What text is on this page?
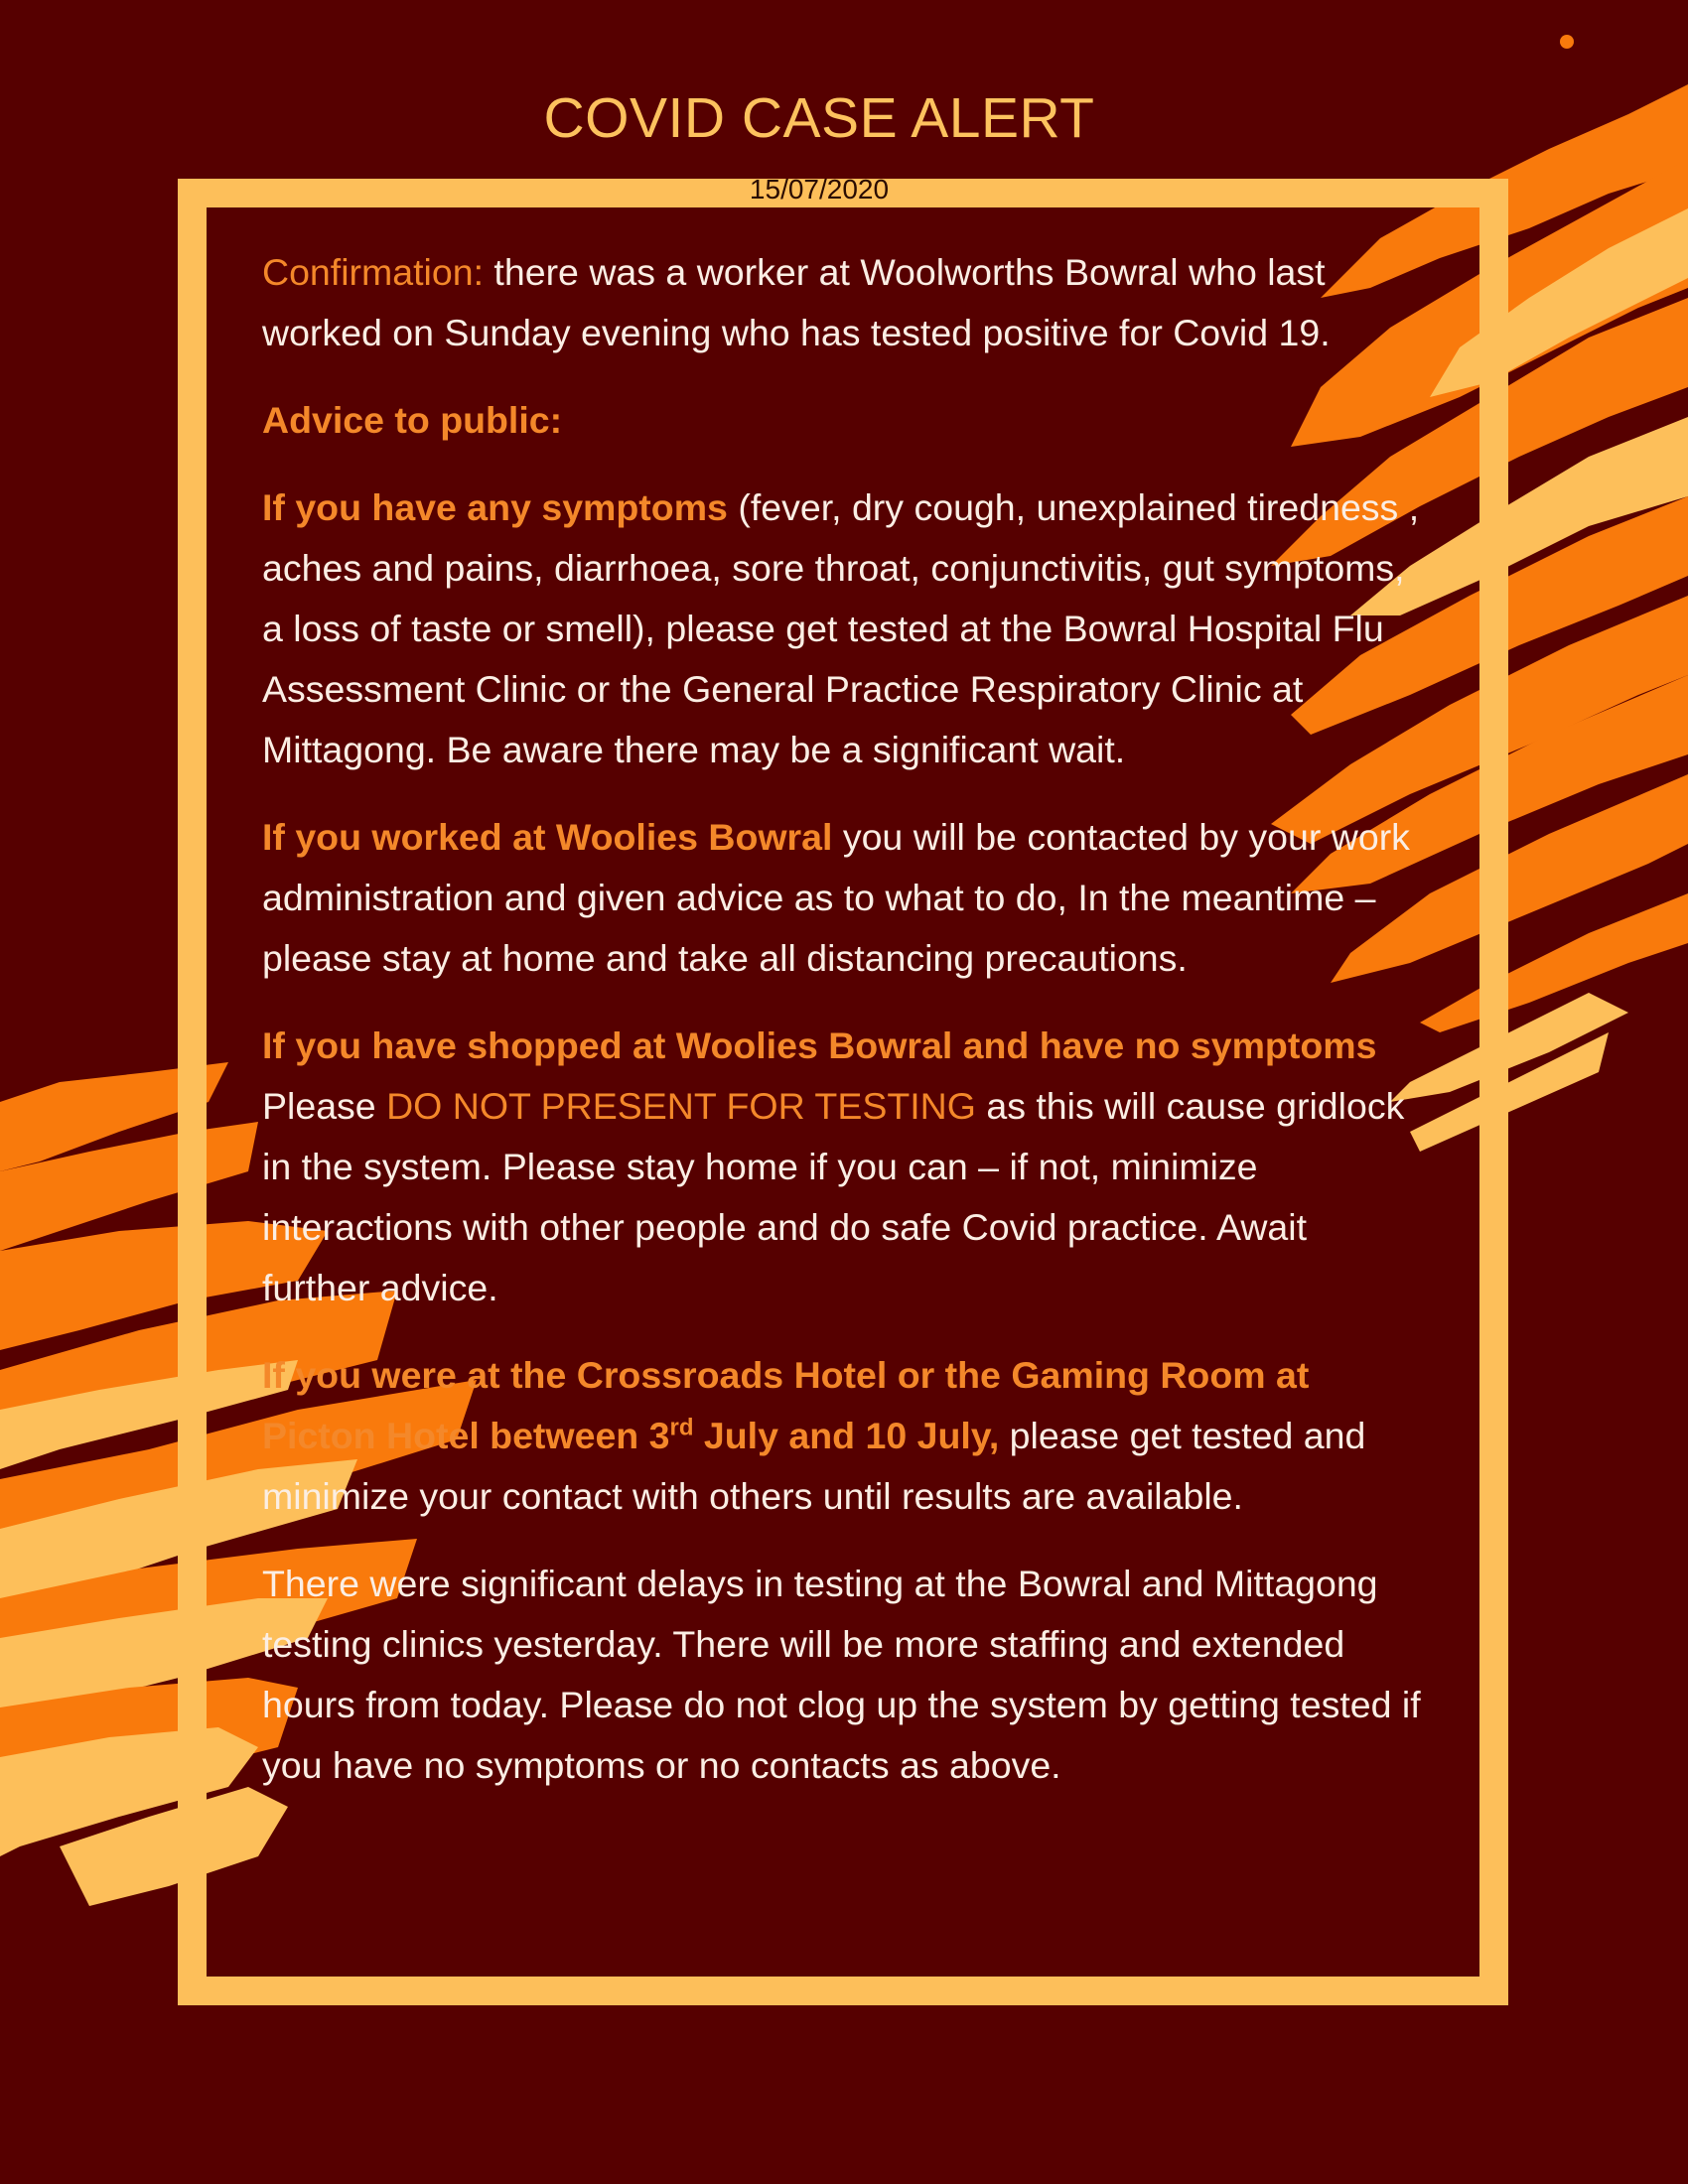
COVID CASE ALERT
15/07/2020

Confirmation: there was a worker at Woolworths Bowral who last worked on Sunday evening who has tested positive for Covid 19.

Advice to public:

If you have any symptoms (fever, dry cough, unexplained tiredness , aches and pains, diarrhoea, sore throat, conjunctivitis, gut symptoms, a loss of taste or smell), please get tested at the Bowral Hospital Flu Assessment Clinic or the General Practice Respiratory Clinic at Mittagong. Be aware there may be a significant wait.

If you worked at Woolies Bowral you will be contacted by your work administration and given advice as to what to do, In the meantime – please stay at home and take all distancing precautions.

If you have shopped at Woolies Bowral and have no symptoms
Please DO NOT PRESENT FOR TESTING as this will cause gridlock in the system. Please stay home if you can – if not, minimize interactions with other people and do safe Covid practice. Await further advice.

If you were at the Crossroads Hotel or the Gaming Room at Picton Hotel between 3rd July and 10 July, please get tested and minimize your contact with others until results are available.

There were significant delays in testing at the Bowral and Mittagong testing clinics yesterday. There will be more staffing and extended hours from today. Please do not clog up the system by getting tested if you have no symptoms or no contacts as above.
